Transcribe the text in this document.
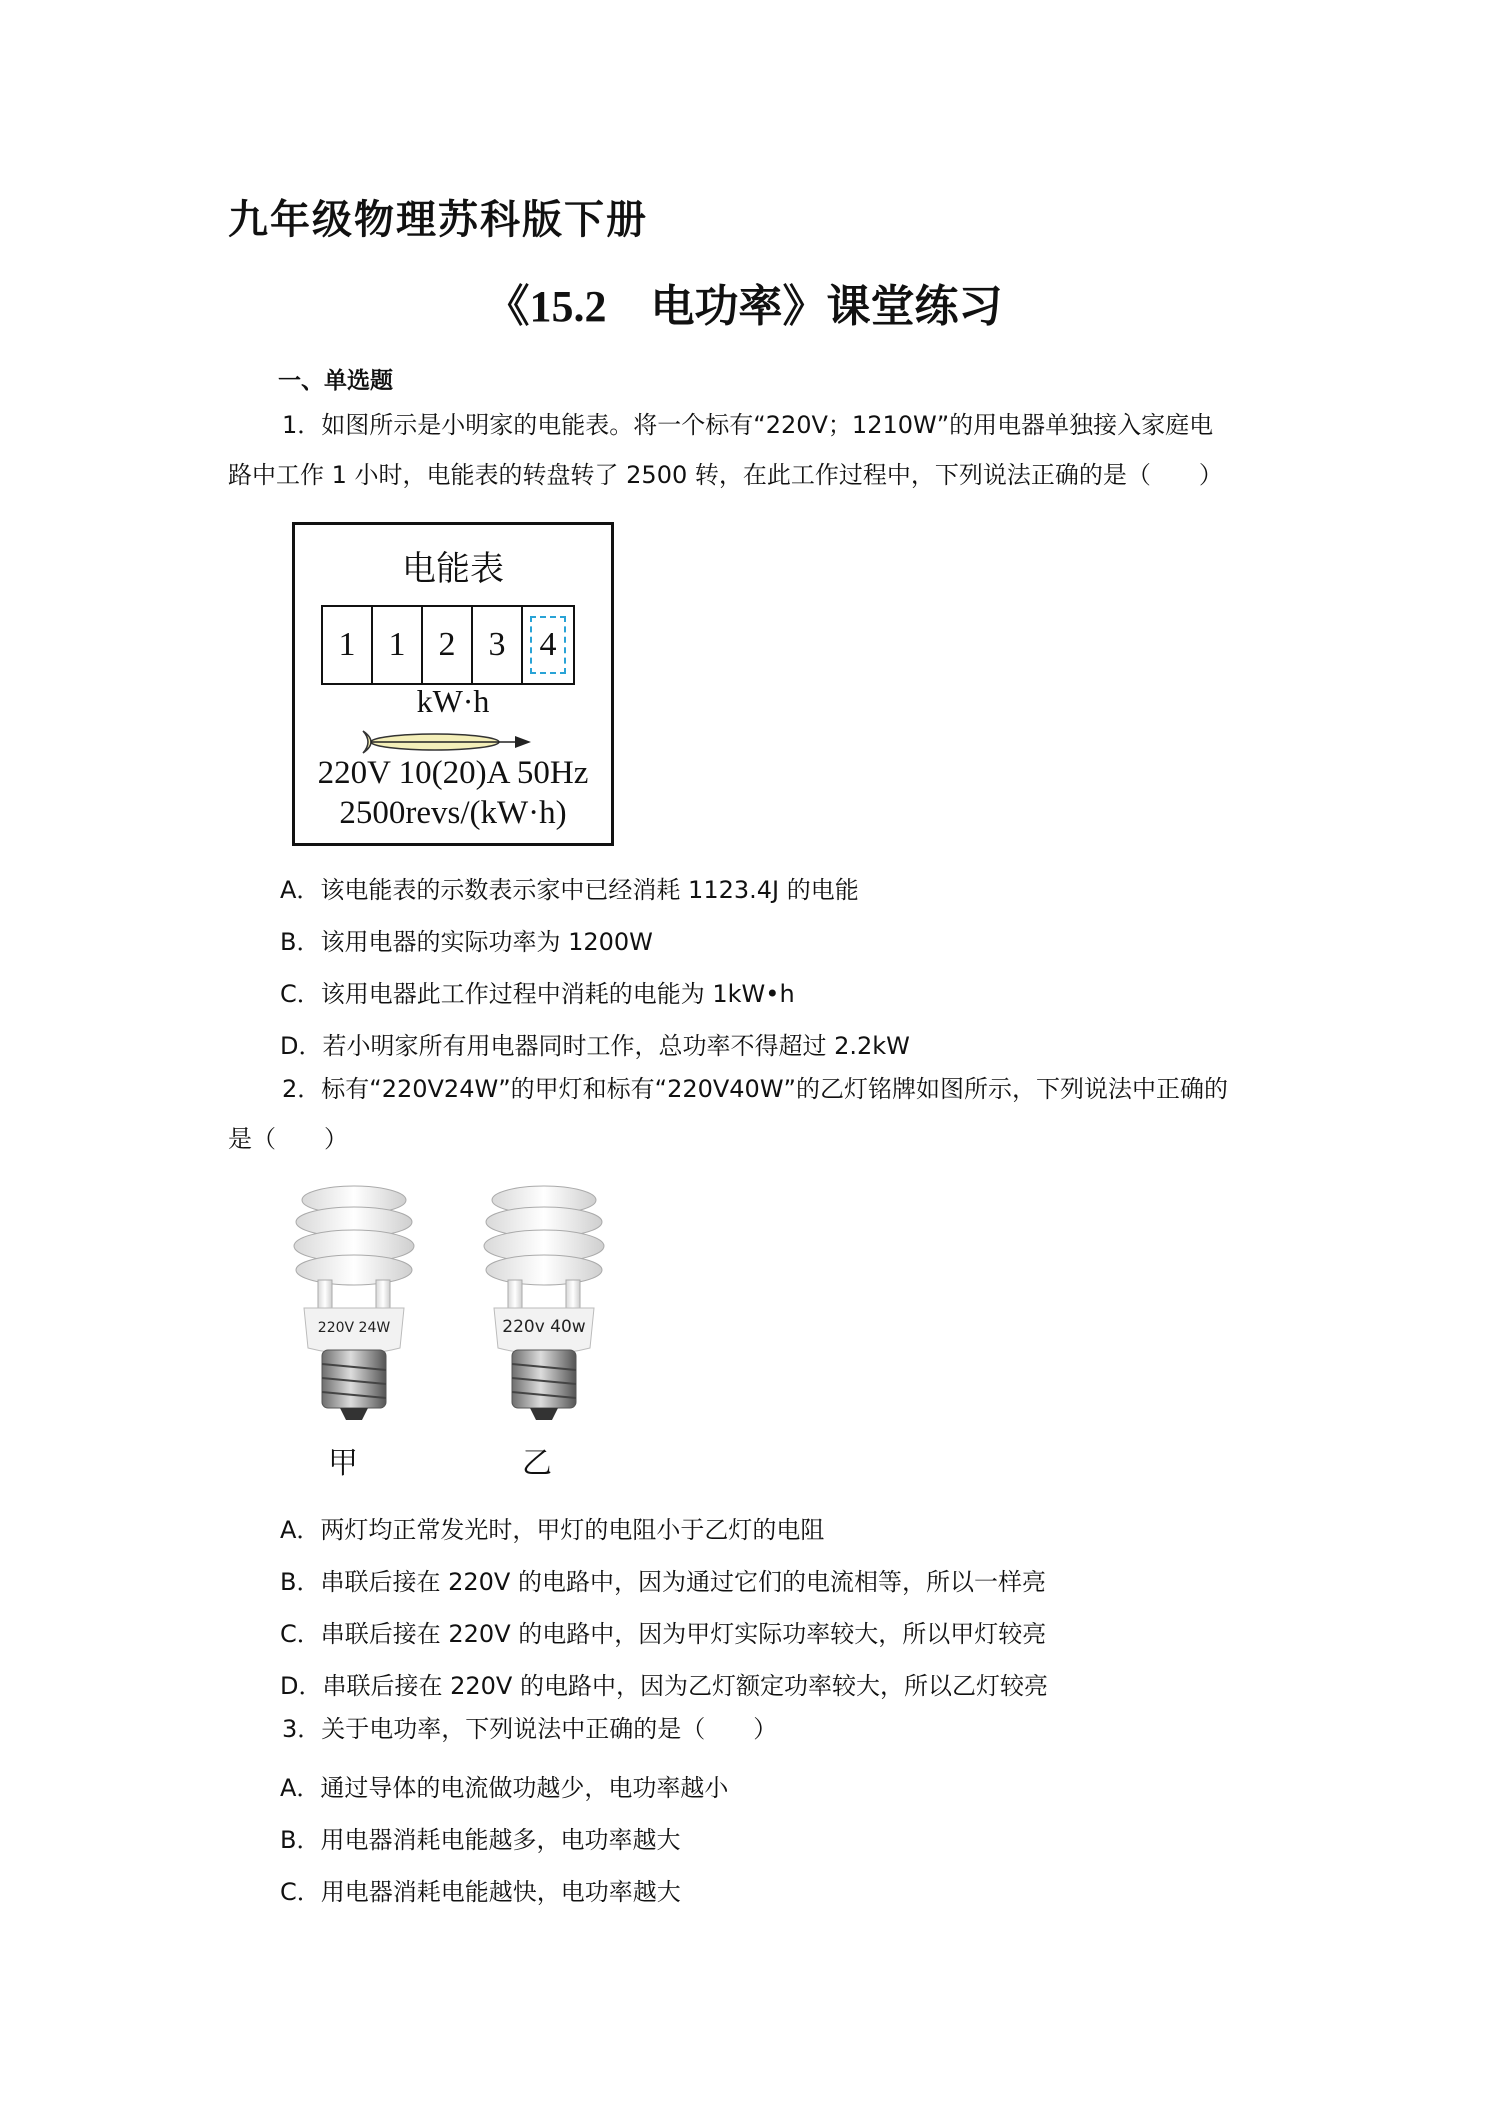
九年级物理苏科版下册
《15.2　电功率》课堂练习
一、单选题
1．如图所示是小明家的电能表。将一个标有“220V；1210W”的用电器单独接入家庭电
路中工作 1 小时，电能表的转盘转了 2500 转，在此工作过程中，下列说法正确的是（　　）
电能表
1 1 2 3	4
kW·h
220V 10(20)A 50Hz
2500revs/(kW·h)
A．该电能表的示数表示家中已经消耗 1123.4J 的电能
B．该用电器的实际功率为 1200W
C．该用电器此工作过程中消耗的电能为 1kW•h
D．若小明家所有用电器同时工作，总功率不得超过 2.2kW
2．标有“220V24W”的甲灯和标有“220V40W”的乙灯铭牌如图所示，下列说法中正确的
是（　　）
220V 24W	220v 40w
甲	乙
A．两灯均正常发光时，甲灯的电阻小于乙灯的电阻
B．串联后接在 220V 的电路中，因为通过它们的电流相等，所以一样亮
C．串联后接在 220V 的电路中，因为甲灯实际功率较大，所以甲灯较亮
D．串联后接在 220V 的电路中，因为乙灯额定功率较大，所以乙灯较亮
3．关于电功率，下列说法中正确的是（　　）
A．通过导体的电流做功越少，电功率越小
B．用电器消耗电能越多，电功率越大
C．用电器消耗电能越快，电功率越大
